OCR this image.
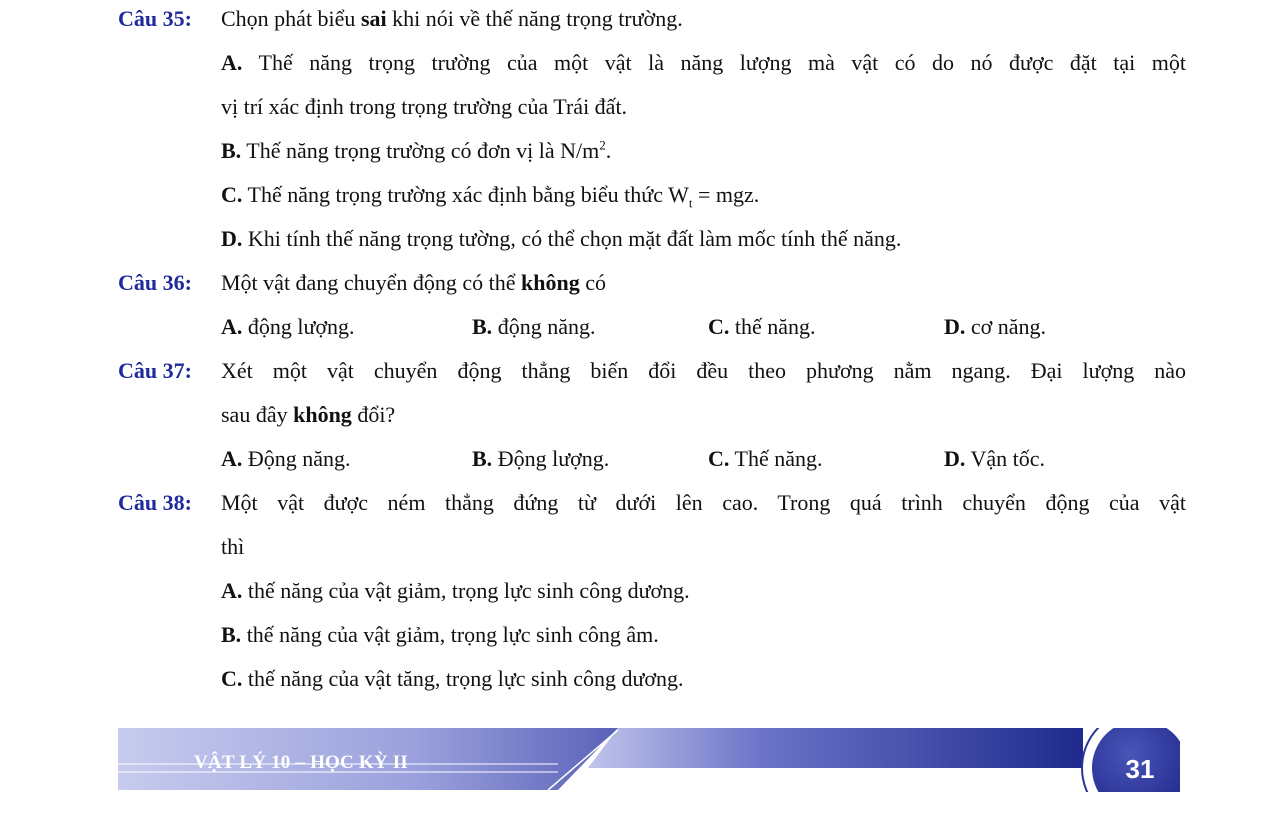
Câu 35: Chọn phát biểu sai khi nói về thế năng trọng trường.
A. Thế năng trọng trường của một vật là năng lượng mà vật có do nó được đặt tại một
vị trí xác định trong trọng trường của Trái đất.
B. Thế năng trọng trường có đơn vị là $N/m^2$.
C. Thế năng trọng trường xác định bằng biểu thức $W_t$ = mgz.
D. Khi tính thế năng trọng tường, có thể chọn mặt đất làm mốc tính thế năng.
Câu 36: Một vật đang chuyển động có thể không có
A. động lượng.	B. động năng.	C. thế năng.	D. cơ năng.
Câu 37: Xét một vật chuyển động thẳng biến đổi đều theo phương nằm ngang. Đại lượng nào
sau đây không đổi?
A. Động năng.	B. Động lượng.	C. Thế năng.	D. Vận tốc.
Câu 38: Một vật được ném thẳng đứng từ dưới lên cao. Trong quá trình chuyển động của vật
thì
A. thế năng của vật giảm, trọng lực sinh công dương.
B. thế năng của vật giảm, trọng lực sinh công âm.
C. thế năng của vật tăng, trọng lực sinh công dương.
VẬT LÝ 10 – HỌC KỲ II	31
